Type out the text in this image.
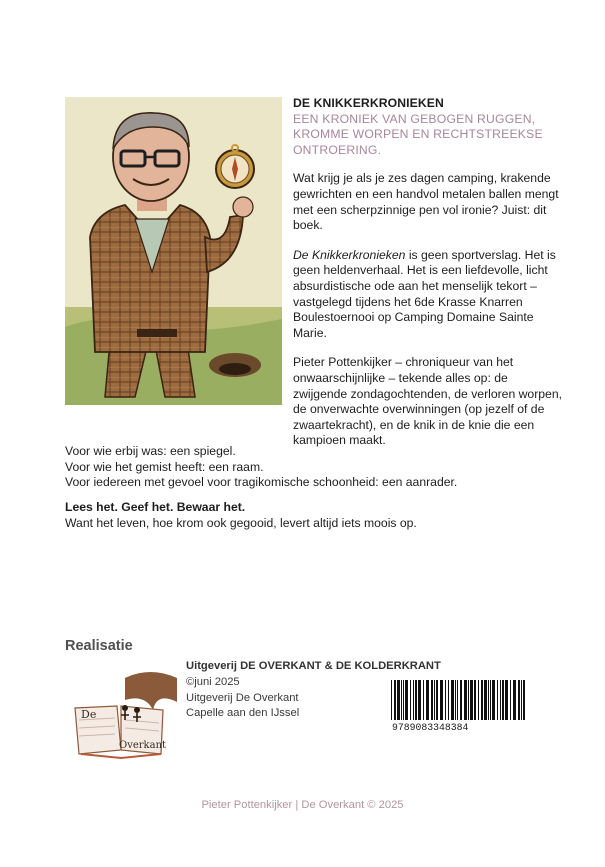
DE KNIKKERKRONIEKEN
EEN KRONIEK VAN GEBOGEN RUGGEN, KROMME WORPEN EN RECHTSTREEKSE ONTROERING.

Wat krijg je als je zes dagen camping, krakende gewrichten en een handvol metalen ballen mengt met een scherpzinnige pen vol ironie? Juist: dit boek.

De Knikkerkronieken is geen sportverslag. Het is geen heldenverhaal. Het is een liefdevolle, licht absurdistische ode aan het menselijk tekort – vastgelegd tijdens het 6de Krasse Knarren Boulestoernooi op Camping Domaine Sainte Marie.

Pieter Pottenkijker – chroniqueur van het onwaarschijnlijke – tekende alles op: de zwijgende zondagochtenden, de verloren worpen, de onverwachte overwinningen (op jezelf of de zwaartekracht), en de knik in de knie die een kampioen maakt.

Voor wie erbij was: een spiegel.
Voor wie het gemist heeft: een raam.
Voor iedereen met gevoel voor tragikomische schoonheid: een aanrader.
Lees het. Geef het. Bewaar het.
Want het leven, hoe krom ook gegooid, levert altijd iets moois op.
Realisatie
De
Overkant
Uitgeverij DE OVERKANT & DE KOLDERKRANT
©juni 2025
Uitgeverij De Overkant
Capelle aan den IJssel
9789083348384
Pieter Pottenkijker | De Overkant © 2025
